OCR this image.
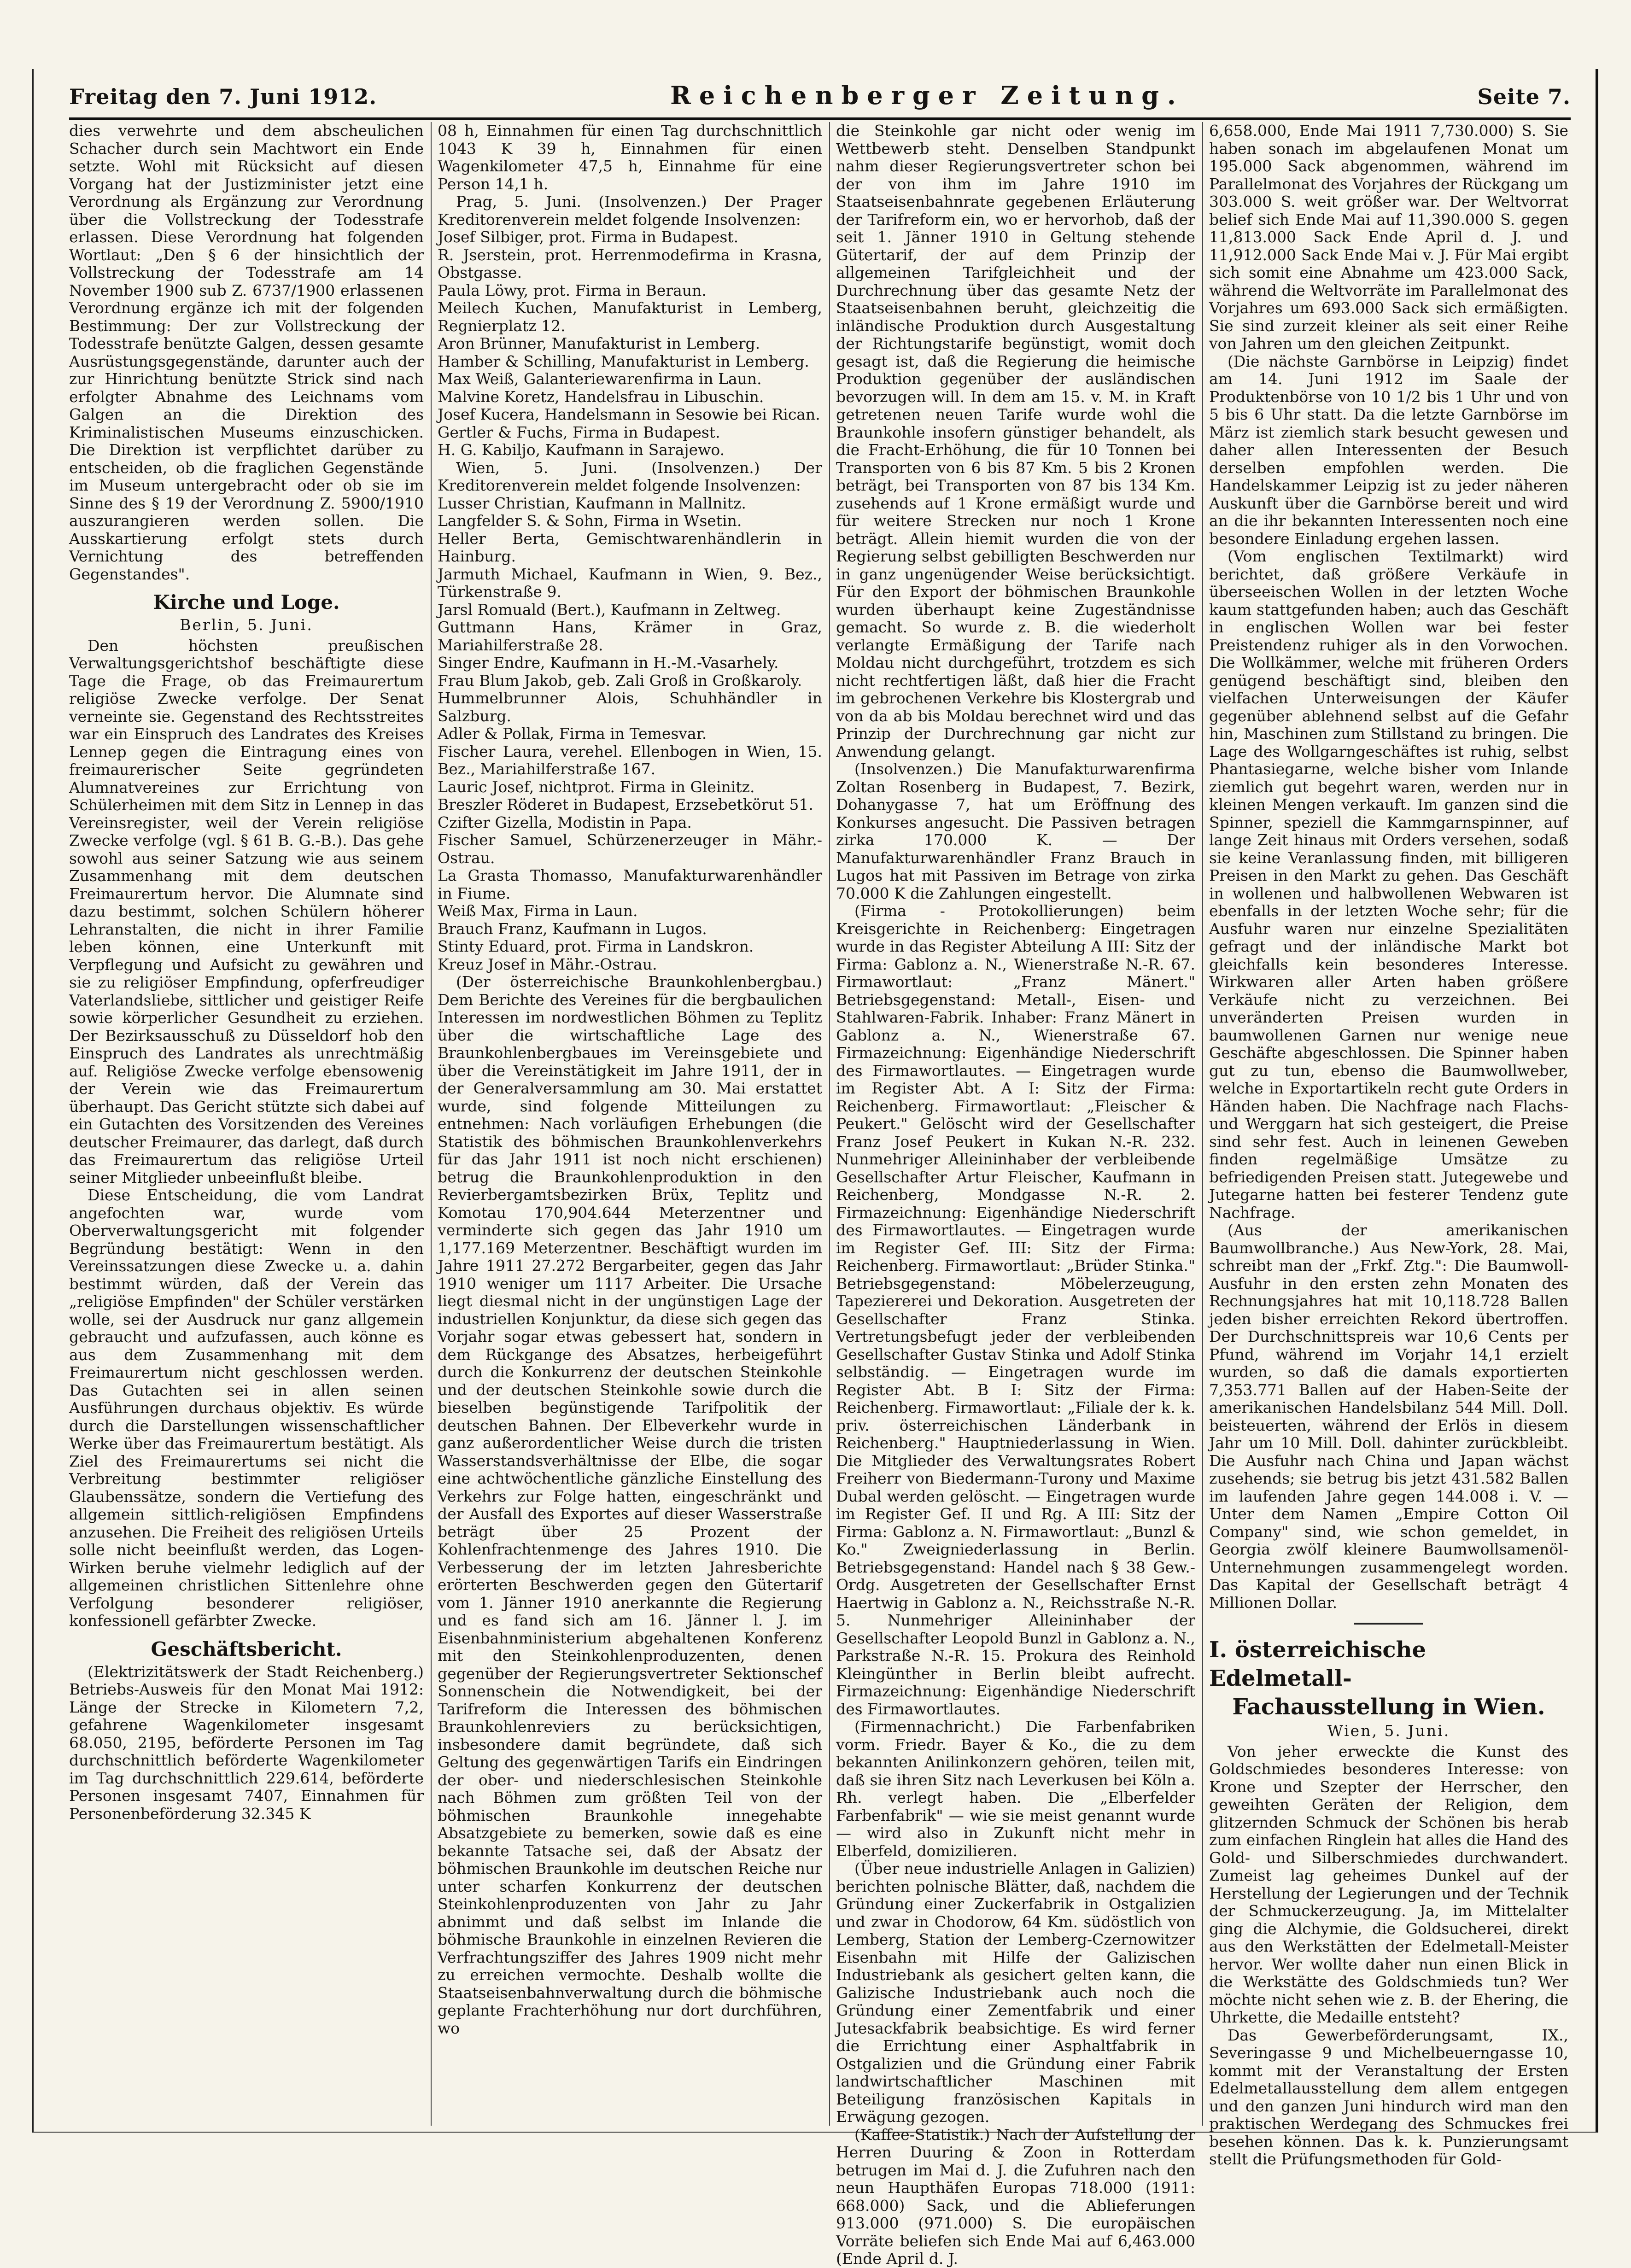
Freitag den 7. Juni 1912.	Reichenberger Zeitung.	Seite 7.

dies verwehrte und dem abscheulichen Schacher durch sein Machtwort ein Ende setzte. Wohl mit Rücksicht auf diesen Vorgang hat der Justizminister jetzt eine Verordnung als Ergänzung zur Verordnung über die Vollstreckung der Todesstrafe erlassen. Diese Verordnung hat folgenden Wortlaut: „Den § 6 der hinsichtlich der Vollstreckung der Todesstrafe am 14 November 1900 sub Z. 6737/1900 erlassenen Verordnung ergänze ich mit der folgenden Bestimmung: Der zur Vollstreckung der Todesstrafe benützte Galgen, dessen gesamte Ausrüstungsgegenstände, darunter auch der zur Hinrichtung benützte Strick sind nach erfolgter Abnahme des Leichnams vom Galgen an die Direktion des Kriminalistischen Museums einzuschicken. Die Direktion ist verpflichtet darüber zu entscheiden, ob die fraglichen Gegenstände im Museum untergebracht oder ob sie im Sinne des § 19 der Verordnung Z. 5900/1910 auszurangieren werden sollen. Die Ausskartierung erfolgt stets durch Vernichtung des betreffenden Gegenstandes".

Kirche und Loge.

Berlin, 5. Juni.

Den höchsten preußischen Verwaltungsgerichtshof beschäftigte diese Tage die Frage, ob das Freimaurertum religiöse Zwecke verfolge. Der Senat verneinte sie. Gegenstand des Rechtsstreites war ein Einspruch des Landrates des Kreises Lennep gegen die Eintragung eines von freimaurerischer Seite gegründeten Alumnatvereines zur Errichtung von Schülerheimen mit dem Sitz in Lennep in das Vereinsregister, weil der Verein religiöse Zwecke verfolge (vgl. § 61 B. G.-B.). Das gehe sowohl aus seiner Satzung wie aus seinem Zusammenhang mit dem deutschen Freimaurertum hervor. Die Alumnate sind dazu bestimmt, solchen Schülern höherer Lehranstalten, die nicht in ihrer Familie leben können, eine Unterkunft mit Verpflegung und Aufsicht zu gewähren und sie zu religiöser Empfindung, opferfreudiger Vaterlandsliebe, sittlicher und geistiger Reife sowie körperlicher Gesundheit zu erziehen. Der Bezirksausschuß zu Düsseldorf hob den Einspruch des Landrates als unrechtmäßig auf. Religiöse Zwecke verfolge ebensowenig der Verein wie das Freimaurertum überhaupt. Das Gericht stützte sich dabei auf ein Gutachten des Vorsitzenden des Vereines deutscher Freimaurer, das darlegt, daß durch das Freimaurertum das religiöse Urteil seiner Mitglieder unbeeinflußt bleibe.

Diese Entscheidung, die vom Landrat angefochten war, wurde vom Oberverwaltungsgericht mit folgender Begründung bestätigt: Wenn in den Vereinssatzungen diese Zwecke u. a. dahin bestimmt würden, daß der Verein das „religiöse Empfinden" der Schüler verstärken wolle, sei der Ausdruck nur ganz allgemein gebraucht und aufzufassen, auch könne es aus dem Zusammenhang mit dem Freimaurertum nicht geschlossen werden. Das Gutachten sei in allen seinen Ausführungen durchaus objektiv. Es würde durch die Darstellungen wissenschaftlicher Werke über das Freimaurertum bestätigt. Als Ziel des Freimaurertums sei nicht die Verbreitung bestimmter religiöser Glaubenssätze, sondern die Vertiefung des allgemein sittlich-religiösen Empfindens anzusehen. Die Freiheit des religiösen Urteils solle nicht beeinflußt werden, das Logen-Wirken beruhe vielmehr lediglich auf der allgemeinen christlichen Sittenlehre ohne Verfolgung besonderer religiöser, konfessionell gefärbter Zwecke.

Geschäftsbericht.

(Elektrizitätswerk der Stadt Reichenberg.) Betriebs-Ausweis für den Monat Mai 1912: Länge der Strecke in Kilometern 7,2, gefahrene Wagenkilometer insgesamt 68.050, 2195, beförderte Personen im Tag durchschnittlich beförderte Wagenkilometer im Tag durchschnittlich 229.614, beförderte Personen insgesamt 7407, Einnahmen für Personenbeförderung 32.345 K

08 h, Einnahmen für einen Tag durchschnittlich 1043 K 39 h, Einnahmen für einen Wagenkilometer 47,5 h, Einnahme für eine Person 14,1 h.

Prag, 5. Juni. (Insolvenzen.) Der Prager Kreditorenverein meldet folgende Insolvenzen:

Josef Silbiger, prot. Firma in Budapest.

R. Jserstein, prot. Herrenmodefirma in Krasna, Obstgasse.

Paula Löwy, prot. Firma in Beraun.

Meilech Kuchen, Manufakturist in Lemberg, Regnierplatz 12.

Aron Brünner, Manufakturist in Lemberg.

Hamber & Schilling, Manufakturist in Lemberg.

Max Weiß, Galanteriewarenfirma in Laun.

Malvine Koretz, Handelsfrau in Libuschin.

Josef Kucera, Handelsmann in Sesowie bei Rican.

Gertler & Fuchs, Firma in Budapest.

H. G. Kabiljo, Kaufmann in Sarajewo.

Wien, 5. Juni. (Insolvenzen.) Der Kreditorenverein meldet folgende Insolvenzen:

Lusser Christian, Kaufmann in Mallnitz.

Langfelder S. & Sohn, Firma in Wsetin.

Heller Berta, Gemischtwarenhändlerin in Hainburg.

Jarmuth Michael, Kaufmann in Wien, 9. Bez., Türkenstraße 9.

Jarsl Romuald (Bert.), Kaufmann in Zeltweg.

Guttmann Hans, Krämer in Graz, Mariahilferstraße 28.

Singer Endre, Kaufmann in H.-M.-Vasarhely.

Frau Blum Jakob, geb. Zali Groß in Großkaroly.

Hummelbrunner Alois, Schuhhändler in Salzburg.

Adler & Pollak, Firma in Temesvar.

Fischer Laura, verehel. Ellenbogen in Wien, 15. Bez., Mariahilferstraße 167.

Lauric Josef, nichtprot. Firma in Gleinitz.

Breszler Röderet in Budapest, Erzsebetkörut 51.

Czifter Gizella, Modistin in Papa.

Fischer Samuel, Schürzenerzeuger in Mähr.-Ostrau.

La Grasta Thomasso, Manufakturwarenhändler in Fiume.

Weiß Max, Firma in Laun.

Brauch Franz, Kaufmann in Lugos.

Stinty Eduard, prot. Firma in Landskron.

Kreuz Josef in Mähr.-Ostrau.

(Der österreichische Braunkohlenbergbau.) Dem Berichte des Vereines für die bergbaulichen Interessen im nordwestlichen Böhmen zu Teplitz über die wirtschaftliche Lage des Braunkohlenbergbaues im Vereinsgebiete und über die Vereinstätigkeit im Jahre 1911, der in der Generalversammlung am 30. Mai erstattet wurde, sind folgende Mitteilungen zu entnehmen: Nach vorläufigen Erhebungen (die Statistik des böhmischen Braunkohlenverkehrs für das Jahr 1911 ist noch nicht erschienen) betrug die Braunkohlenproduktion in den Revierbergamtsbezirken Brüx, Teplitz und Komotau 170,904.644 Meterzentner und verminderte sich gegen das Jahr 1910 um 1,177.169 Meterzentner. Beschäftigt wurden im Jahre 1911 27.272 Bergarbeiter, gegen das Jahr 1910 weniger um 1117 Arbeiter. Die Ursache liegt diesmal nicht in der ungünstigen Lage der industriellen Konjunktur, da diese sich gegen das Vorjahr sogar etwas gebessert hat, sondern in dem Rückgange des Absatzes, herbeigeführt durch die Konkurrenz der deutschen Steinkohle und der deutschen Steinkohle sowie durch die bieselben begünstigende Tarifpolitik der deutschen Bahnen. Der Elbeverkehr wurde in ganz außerordentlicher Weise durch die tristen Wasserstandsverhältnisse der Elbe, die sogar eine achtwöchentliche gänzliche Einstellung des Verkehrs zur Folge hatten, eingeschränkt und der Ausfall des Exportes auf dieser Wasserstraße beträgt über 25 Prozent der Kohlenfrachtenmenge des Jahres 1910. Die Verbesserung der im letzten Jahresberichte erörterten Beschwerden gegen den Gütertarif vom 1. Jänner 1910 anerkannte die Regierung und es fand sich am 16. Jänner l. J. im Eisenbahnministerium abgehaltenen Konferenz mit den Steinkohlenproduzenten, denen gegenüber der Regierungsvertreter Sektionschef Sonnenschein die Notwendigkeit, bei der Tarifreform die Interessen des böhmischen Braunkohlenreviers zu berücksichtigen, insbesondere damit begründete, daß sich Geltung des gegenwärtigen Tarifs ein Eindringen der ober- und niederschlesischen Steinkohle nach Böhmen zum größten Teil von der böhmischen Braunkohle innegehabte Absatzgebiete zu bemerken, sowie daß es eine bekannte Tatsache sei, daß der Absatz der böhmischen Braunkohle im deutschen Reiche nur unter scharfen Konkurrenz der deutschen Steinkohlenproduzenten von Jahr zu Jahr abnimmt und daß selbst im Inlande die böhmische Braunkohle in einzelnen Revieren die Verfrachtungsziffer des Jahres 1909 nicht mehr zu erreichen vermochte. Deshalb wollte die Staatseisenbahnverwaltung durch die böhmische geplante Frachterhöhung nur dort durchführen, wo

die Steinkohle gar nicht oder wenig im Wettbewerb steht. Denselben Standpunkt nahm dieser Regierungsvertreter schon bei der von ihm im Jahre 1910 im Staatseisenbahnrate gegebenen Erläuterung der Tarifreform ein, wo er hervorhob, daß der seit 1. Jänner 1910 in Geltung stehende Gütertarif, der auf dem Prinzip der allgemeinen Tarifgleichheit und der Durchrechnung über das gesamte Netz der Staatseisenbahnen beruht, gleichzeitig die inländische Produktion durch Ausgestaltung der Richtungstarife begünstigt, womit doch gesagt ist, daß die Regierung die heimische Produktion gegenüber der ausländischen bevorzugen will. In dem am 15. v. M. in Kraft getretenen neuen Tarife wurde wohl die Braunkohle insofern günstiger behandelt, als die Fracht-Erhöhung, die für 10 Tonnen bei Transporten von 6 bis 87 Km. 5 bis 2 Kronen beträgt, bei Transporten von 87 bis 134 Km. zusehends auf 1 Krone ermäßigt wurde und für weitere Strecken nur noch 1 Krone beträgt. Allein hiemit wurden die von der Regierung selbst gebilligten Beschwerden nur in ganz ungenügender Weise berücksichtigt. Für den Export der böhmischen Braunkohle wurden überhaupt keine Zugeständnisse gemacht. So wurde z. B. die wiederholt verlangte Ermäßigung der Tarife nach Moldau nicht durchgeführt, trotzdem es sich nicht rechtfertigen läßt, daß hier die Fracht im gebrochenen Verkehre bis Klostergrab und von da ab bis Moldau berechnet wird und das Prinzip der Durchrechnung gar nicht zur Anwendung gelangt.

(Insolvenzen.) Die Manufakturwarenfirma Zoltan Rosenberg in Budapest, 7. Bezirk, Dohanygasse 7, hat um Eröffnung des Konkurses angesucht. Die Passiven betragen zirka 170.000 K. — Der Manufakturwarenhändler Franz Brauch in Lugos hat mit Passiven im Betrage von zirka 70.000 K die Zahlungen eingestellt.

(Firma - Protokollierungen) beim Kreisgerichte in Reichenberg: Eingetragen wurde in das Register Abteilung A III: Sitz der Firma: Gablonz a. N., Wienerstraße N.-R. 67. Firmawortlaut: „Franz Mänert." Betriebsgegenstand: Metall-, Eisen- und Stahlwaren-Fabrik. Inhaber: Franz Mänert in Gablonz a. N., Wienerstraße 67. Firmazeichnung: Eigenhändige Niederschrift des Firmawortlautes. — Eingetragen wurde im Register Abt. A I: Sitz der Firma: Reichenberg. Firmawortlaut: „Fleischer & Peukert." Gelöscht wird der Gesellschafter Franz Josef Peukert in Kukan N.-R. 232. Nunmehriger Alleininhaber der verbleibende Gesellschafter Artur Fleischer, Kaufmann in Reichenberg, Mondgasse N.-R. 2. Firmazeichnung: Eigenhändige Niederschrift des Firmawortlautes. — Eingetragen wurde im Register Gef. III: Sitz der Firma: Reichenberg. Firmawortlaut: „Brüder Stinka." Betriebsgegenstand: Möbelerzeugung, Tapeziererei und Dekoration. Ausgetreten der Gesellschafter Franz Stinka. Vertretungsbefugt jeder der verbleibenden Gesellschafter Gustav Stinka und Adolf Stinka selbständig. — Eingetragen wurde im Register Abt. B I: Sitz der Firma: Reichenberg. Firmawortlaut: „Filiale der k. k. priv. österreichischen Länderbank in Reichenberg." Hauptniederlassung in Wien. Die Mitglieder des Verwaltungsrates Robert Freiherr von Biedermann-Turony und Maxime Dubal werden gelöscht. — Eingetragen wurde im Register Gef. II und Rg. A III: Sitz der Firma: Gablonz a. N. Firmawortlaut: „Bunzl & Ko." Zweigniederlassung in Berlin. Betriebsgegenstand: Handel nach § 38 Gew.-Ordg. Ausgetreten der Gesellschafter Ernst Haertwig in Gablonz a. N., Reichsstraße N.-R. 5. Nunmehriger Alleininhaber der Gesellschafter Leopold Bunzl in Gablonz a. N., Parkstraße N.-R. 15. Prokura des Reinhold Kleingünther in Berlin bleibt aufrecht. Firmazeichnung: Eigenhändige Niederschrift des Firmawortlautes.

(Firmennachricht.) Die Farbenfabriken vorm. Friedr. Bayer & Ko., die zu dem bekannten Anilinkonzern gehören, teilen mit, daß sie ihren Sitz nach Leverkusen bei Köln a. Rh. verlegt haben. Die „Elberfelder Farbenfabrik" — wie sie meist genannt wurde — wird also in Zukunft nicht mehr in Elberfeld, domizilieren.

(Über neue industrielle Anlagen in Galizien) berichten polnische Blätter, daß, nachdem die Gründung einer Zuckerfabrik in Ostgalizien und zwar in Chodorow, 64 Km. südöstlich von Lemberg, Station der Lemberg-Czernowitzer Eisenbahn mit Hilfe der Galizischen Industriebank als gesichert gelten kann, die Galizische Industriebank auch noch die Gründung einer Zementfabrik und einer Jutesackfabrik beabsichtige. Es wird ferner die Errichtung einer Asphaltfabrik in Ostgalizien und die Gründung einer Fabrik landwirtschaftlicher Maschinen mit Beteiligung französischen Kapitals in Erwägung gezogen.

(Kaffee-Statistik.) Nach der Aufstellung der Herren Duuring & Zoon in Rotterdam betrugen im Mai d. J. die Zufuhren nach den neun Haupthäfen Europas 718.000 (1911: 668.000) Sack, und die Ablieferungen 913.000 (971.000) S. Die europäischen Vorräte beliefen sich Ende Mai auf 6,463.000 (Ende April d. J.

6,658.000, Ende Mai 1911 7,730.000) S. Sie haben sonach im abgelaufenen Monat um 195.000 Sack abgenommen, während im Parallelmonat des Vorjahres der Rückgang um 303.000 S. weit größer war. Der Weltvorrat belief sich Ende Mai auf 11,390.000 S. gegen 11,813.000 Sack Ende April d. J. und 11,912.000 Sack Ende Mai v. J. Für Mai ergibt sich somit eine Abnahme um 423.000 Sack, während die Weltvorräte im Parallelmonat des Vorjahres um 693.000 Sack sich ermäßigten. Sie sind zurzeit kleiner als seit einer Reihe von Jahren um den gleichen Zeitpunkt.

(Die nächste Garnbörse in Leipzig) findet am 14. Juni 1912 im Saale der Produktenbörse von 10 1/2 bis 1 Uhr und von 5 bis 6 Uhr statt. Da die letzte Garnbörse im März ist ziemlich stark besucht gewesen und daher allen Interessenten der Besuch derselben empfohlen werden. Die Handelskammer Leipzig ist zu jeder näheren Auskunft über die Garnbörse bereit und wird an die ihr bekannten Interessenten noch eine besondere Einladung ergehen lassen.

(Vom englischen Textilmarkt) wird berichtet, daß größere Verkäufe in überseeischen Wollen in der letzten Woche kaum stattgefunden haben; auch das Geschäft in englischen Wollen war bei fester Preistendenz ruhiger als in den Vorwochen. Die Wollkämmer, welche mit früheren Orders genügend beschäftigt sind, bleiben den vielfachen Unterweisungen der Käufer gegenüber ablehnend selbst auf die Gefahr hin, Maschinen zum Stillstand zu bringen. Die Lage des Wollgarngeschäftes ist ruhig, selbst Phantasiegarne, welche bisher vom Inlande ziemlich gut begehrt waren, werden nur in kleinen Mengen verkauft. Im ganzen sind die Spinner, speziell die Kammgarnspinner, auf lange Zeit hinaus mit Orders versehen, sodaß sie keine Veranlassung finden, mit billigeren Preisen in den Markt zu gehen. Das Geschäft in wollenen und halbwollenen Webwaren ist ebenfalls in der letzten Woche sehr; für die Ausfuhr waren nur einzelne Spezialitäten gefragt und der inländische Markt bot gleichfalls kein besonderes Interesse. Wirkwaren aller Arten haben größere Verkäufe nicht zu verzeichnen. Bei unveränderten Preisen wurden in baumwollenen Garnen nur wenige neue Geschäfte abgeschlossen. Die Spinner haben gut zu tun, ebenso die Baumwollweber, welche in Exportartikeln recht gute Orders in Händen haben. Die Nachfrage nach Flachs- und Werggarn hat sich gesteigert, die Preise sind sehr fest. Auch in leinenen Geweben finden regelmäßige Umsätze zu befriedigenden Preisen statt. Jutegewebe und Jutegarne hatten bei festerer Tendenz gute Nachfrage.

(Aus der amerikanischen Baumwollbranche.) Aus New-York, 28. Mai, schreibt man der „Frkf. Ztg.": Die Baumwoll-Ausfuhr in den ersten zehn Monaten des Rechnungsjahres hat mit 10,118.728 Ballen jeden bisher erreichten Rekord übertroffen. Der Durchschnittspreis war 10,6 Cents per Pfund, während im Vorjahr 14,1 erzielt wurden, so daß die damals exportierten 7,353.771 Ballen auf der Haben-Seite der amerikanischen Handelsbilanz 544 Mill. Doll. beisteuerten, während der Erlös in diesem Jahr um 10 Mill. Doll. dahinter zurückbleibt. Die Ausfuhr nach China und Japan wächst zusehends; sie betrug bis jetzt 431.582 Ballen im laufenden Jahre gegen 144.008 i. V. — Unter dem Namen „Empire Cotton Oil Company" sind, wie schon gemeldet, in Georgia zwölf kleinere Baumwollsamenöl-Unternehmungen zusammengelegt worden. Das Kapital der Gesellschaft beträgt 4 Millionen Dollar.

I. österreichische Edelmetall-
Fachausstellung in Wien.

Wien, 5. Juni.

Von jeher erweckte die Kunst des Goldschmiedes besonderes Interesse: von Krone und Szepter der Herrscher, den geweihten Geräten der Religion, dem glitzernden Schmuck der Schönen bis herab zum einfachen Ringlein hat alles die Hand des Gold- und Silberschmiedes durchwandert. Zumeist lag geheimes Dunkel auf der Herstellung der Legierungen und der Technik der Schmuckerzeugung. Ja, im Mittelalter ging die Alchymie, die Goldsucherei, direkt aus den Werkstätten der Edelmetall-Meister hervor. Wer wollte daher nun einen Blick in die Werkstätte des Goldschmieds tun? Wer möchte nicht sehen wie z. B. der Ehering, die Uhrkette, die Medaille entsteht?

Das Gewerbeförderungsamt, IX., Severingasse 9 und Michelbeuerngasse 10, kommt mit der Veranstaltung der Ersten Edelmetallausstellung dem allem entgegen und den ganzen Juni hindurch wird man den praktischen Werdegang des Schmuckes frei besehen können. Das k. k. Punzierungsamt stellt die Prüfungsmethoden für Gold-
